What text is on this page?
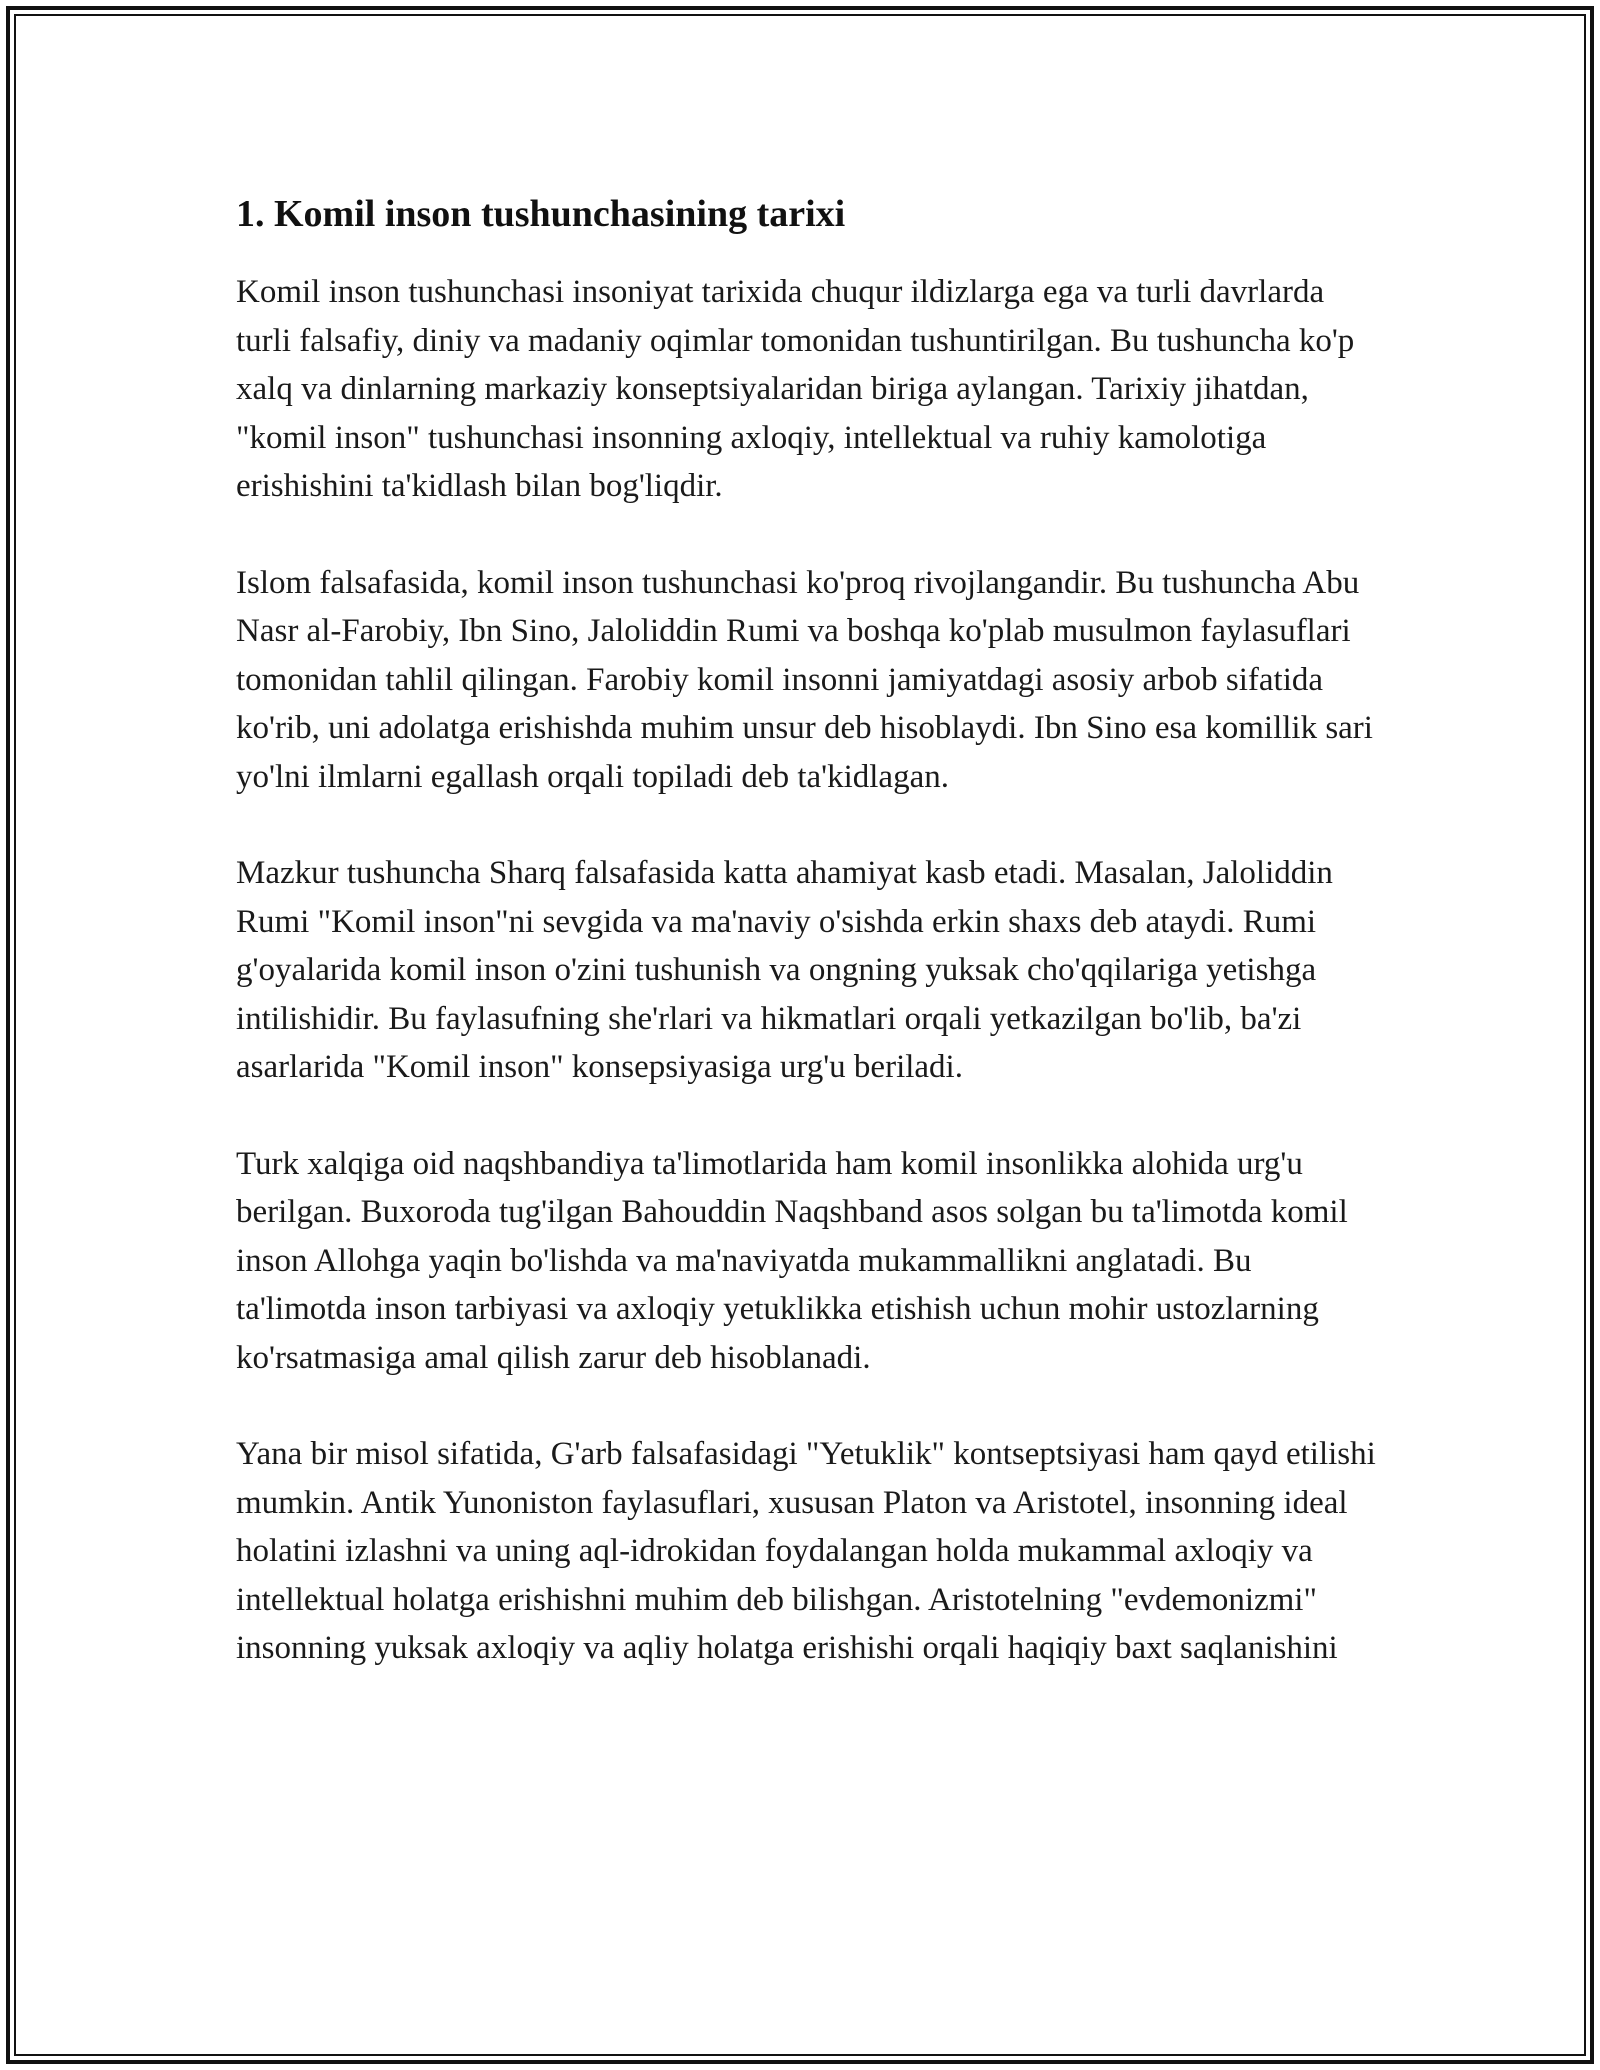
1. Komil inson tushunchasining tarixi

Komil inson tushunchasi insoniyat tarixida chuqur ildizlarga ega va turli davrlarda turli falsafiy, diniy va madaniy oqimlar tomonidan tushuntirilgan. Bu tushuncha ko'p xalq va dinlarning markaziy konseptsiyalaridan biriga aylangan. Tarixiy jihatdan, "komil inson" tushunchasi insonning axloqiy, intellektual va ruhiy kamolotiga erishishini ta'kidlash bilan bog'liqdir.

Islom falsafasida, komil inson tushunchasi ko'proq rivojlangandir. Bu tushuncha Abu Nasr al-Farobiy, Ibn Sino, Jaloliddin Rumi va boshqa ko'plab musulmon faylasuflari tomonidan tahlil qilingan. Farobiy komil insonni jamiyatdagi asosiy arbob sifatida ko'rib, uni adolatga erishishda muhim unsur deb hisoblaydi. Ibn Sino esa komillik sari yo'lni ilmlarni egallash orqali topiladi deb ta'kidlagan.

Mazkur tushuncha Sharq falsafasida katta ahamiyat kasb etadi. Masalan, Jaloliddin Rumi "Komil inson"ni sevgida va ma'naviy o'sishda erkin shaxs deb ataydi. Rumi g'oyalarida komil inson o'zini tushunish va ongning yuksak cho'qqilariga yetishga intilishidir. Bu faylasufning she'rlari va hikmatlari orqali yetkazilgan bo'lib, ba'zi asarlarida "Komil inson" konsepsiyasiga urg'u beriladi.

Turk xalqiga oid naqshbandiya ta'limotlarida ham komil insonlikka alohida urg'u berilgan. Buxoroda tug'ilgan Bahouddin Naqshband asos solgan bu ta'limotda komil inson Allohga yaqin bo'lishda va ma'naviyatda mukammallikni anglatadi. Bu ta'limotda inson tarbiyasi va axloqiy yetuklikka etishish uchun mohir ustozlarning ko'rsatmasiga amal qilish zarur deb hisoblanadi.

Yana bir misol sifatida, G'arb falsafasidagi "Yetuklik" kontseptsiyasi ham qayd etilishi mumkin. Antik Yunoniston faylasuflari, xususan Platon va Aristotel, insonning ideal holatini izlashni va uning aql-idrokidan foydalangan holda mukammal axloqiy va intellektual holatga erishishni muhim deb bilishgan. Aristotelning "evdemonizmi" insonning yuksak axloqiy va aqliy holatga erishishi orqali haqiqiy baxt saqlanishini
